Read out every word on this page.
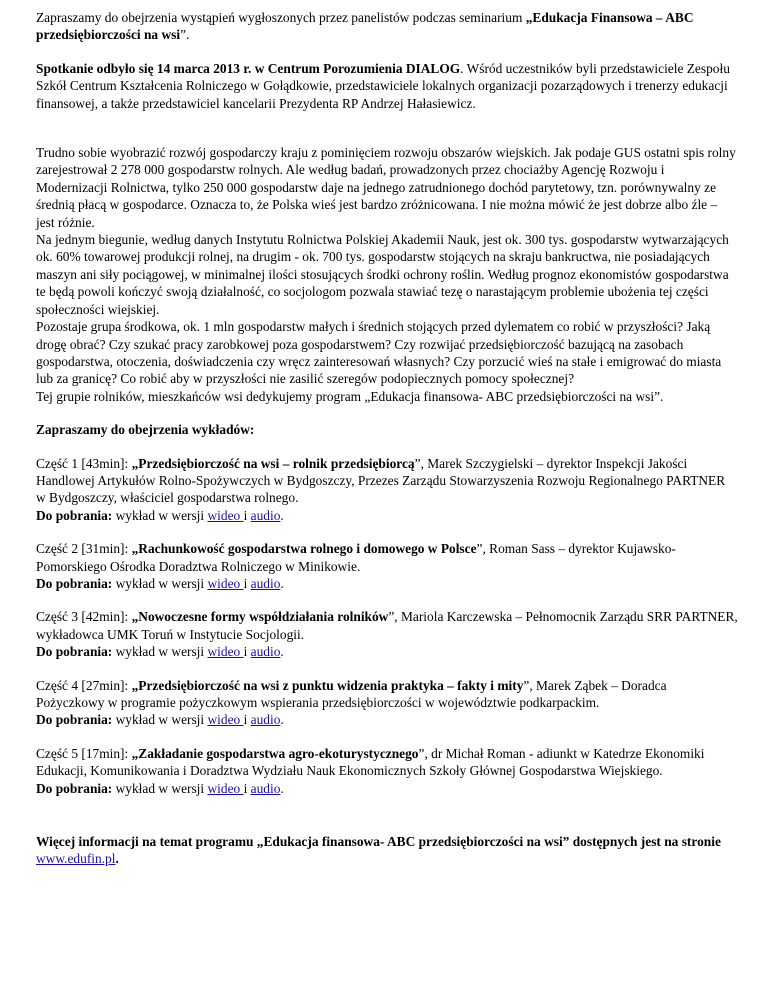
Zapraszamy do obejrzenia wystąpień wygłoszonych przez panelistów podczas seminarium „Edukacja Finansowa – ABC przedsiębiorczości na wsi”.

Spotkanie odbyło się 14 marca 2013 r. w Centrum Porozumienia DIALOG. Wśród uczestników byli przedstawiciele Zespołu Szkół Centrum Kształcenia Rolniczego w Gołądkowie, przedstawiciele lokalnych organizacji pozarządowych i trenerzy edukacji finansowej, a także przedstawiciel kancelarii Prezydenta RP Andrzej Hałasiewicz.

Trudno sobie wyobrazić rozwój gospodarczy kraju z pominięciem rozwoju obszarów wiejskich. Jak podaje GUS ostatni spis rolny zarejestrował 2 278 000 gospodarstw rolnych. Ale według badań, prowadzonych przez chociażby Agencję Rozwoju i Modernizacji Rolnictwa, tylko 250 000 gospodarstw daje na jednego zatrudnionego dochód parytetowy, tzn. porównywalny ze średnią płacą w gospodarce. Oznacza to, że Polska wieś jest bardzo zróżnicowana. I nie można mówić że jest dobrze albo źle – jest różnie.
Na jednym biegunie, według danych Instytutu Rolnictwa Polskiej Akademii Nauk, jest ok. 300 tys. gospodarstw wytwarzających ok. 60% towarowej produkcji rolnej, na drugim - ok. 700 tys. gospodarstw stojących na skraju bankructwa, nie posiadających maszyn ani siły pociągowej, w minimalnej ilości stosujących środki ochrony roślin. Według prognoz ekonomistów gospodarstwa te będą powoli kończyć swoją działalność, co socjologom pozwala stawiać tezę o narastającym problemie ubożenia tej części społeczności wiejskiej.
Pozostaje grupa środkowa, ok. 1 mln gospodarstw małych i średnich stojących przed dylematem co robić w przyszłości? Jaką drogę obrać? Czy szukać pracy zarobkowej poza gospodarstwem? Czy rozwijać przedsiębiorczość bazującą na zasobach gospodarstwa, otoczenia, doświadczenia czy wręcz zainteresowań własnych? Czy porzucić wieś na stałe i emigrować do miasta lub za granicę? Co robić aby w przyszłości nie zasilić szeregów podopiecznych pomocy społecznej?
Tej grupie rolników, mieszkańców wsi dedykujemy program „Edukacja finansowa- ABC przedsiębiorczości na wsi”.

Zapraszamy do obejrzenia wykładów:

Część 1 [43min]: „Przedsiębiorczość na wsi – rolnik przedsiębiorcą”, Marek Szczygielski – dyrektor Inspekcji Jakości Handlowej Artykułów Rolno-Spożywczych w Bydgoszczy, Przezes Zarządu Stowarzyszenia Rozwoju Regionalnego PARTNER w Bydgoszczy, właściciel gospodarstwa rolnego.
Do pobrania: wykład w wersji wideo i audio.

Część 2 [31min]: „Rachunkowość gospodarstwa rolnego i domowego w Polsce”, Roman Sass – dyrektor Kujawsko-Pomorskiego Ośrodka Doradztwa Rolniczego w Minikowie.
Do pobrania: wykład w wersji wideo i audio.

Część 3 [42min]: „Nowoczesne formy współdziałania rolników”, Mariola Karczewska – Pełnomocnik Zarządu SRR PARTNER, wykładowca UMK Toruń w Instytucie Socjologii.
Do pobrania: wykład w wersji wideo i audio.

Część 4 [27min]: „Przedsiębiorczość na wsi z punktu widzenia praktyka – fakty i mity”, Marek Ząbek – Doradca Pożyczkowy w programie pożyczkowym wspierania przedsiębiorczości w województwie podkarpackim.
Do pobrania: wykład w wersji wideo i audio.

Część 5 [17min]: „Zakładanie gospodarstwa agro-ekoturystycznego”, dr Michał Roman - adiunkt w Katedrze Ekonomiki Edukacji, Komunikowania i Doradztwa Wydziału Nauk Ekonomicznych Szkoły Głównej Gospodarstwa Wiejskiego.
Do pobrania: wykład w wersji wideo i audio.

Więcej informacji na temat programu „Edukacja finansowa- ABC przedsiębiorczości na wsi” dostępnych jest na stronie www.edufin.pl.
